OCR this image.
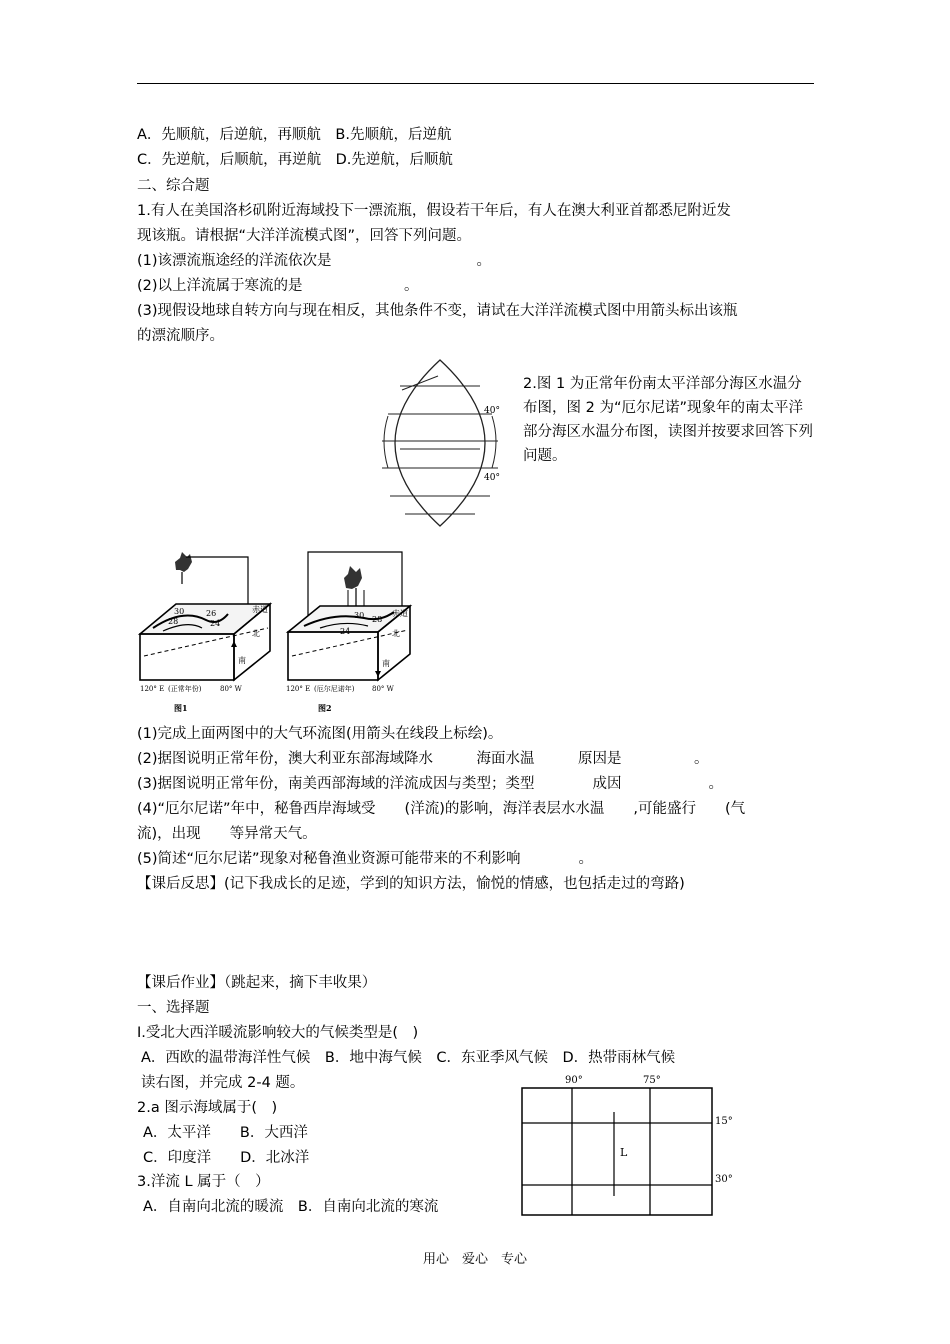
A．先顺航，后逆航，再顺航　B.先顺航，后逆航
C．先逆航，后顺航，再逆航　D.先逆航，后顺航
二、综合题
1.有人在美国洛杉矶附近海域投下一漂流瓶，假设若干年后，有人在澳大利亚首都悉尼附近发
现该瓶。请根据“大洋洋流模式图”，回答下列问题。
(1)该漂流瓶途经的洋流依次是　　　　　　　　　　。
(2)以上洋流属于寒流的是　　　　　　　。
(3)现假设地球自转方向与现在相反，其他条件不变，请试在大洋洋流模式图中用箭头标出该瓶
的漂流顺序。
40°
40°
2.图 1 为正常年份南太平洋部分海区水温分布图，图 2 为“厄尔尼诺”现象年的南太平洋部分海区水温分布图，读图并按要求回答下列问题。
30
28
26
24
赤道
北
南
120° E (正常年份)	80° W
图1
30 28
24
赤道
北
南
120° E (厄尔尼诺年)	80° W
图2
(1)完成上面两图中的大气环流图(用箭头在线段上标绘)。
(2)据图说明正常年份，澳大利亚东部海域降水　　　海面水温　　　原因是　　　　　。
(3)据图说明正常年份，南美西部海域的洋流成因与类型；类型　　　　成因　　　　　　。
(4)“厄尔尼诺”年中，秘鲁西岸海域受　　(洋流)的影响，海洋表层水水温　　,可能盛行　　(气
流)，出现　　等异常天气。
(5)简述“厄尔尼诺”现象对秘鲁渔业资源可能带来的不利影响　　　　。
【课后反思】(记下我成长的足迹，学到的知识方法，愉悦的情感，也包括走过的弯路)
【课后作业】（跳起来，摘下丰收果）
一、选择题
I.受北大西洋暖流影响较大的气候类型是(　)
A．西欧的温带海洋性气候　B．地中海气候　C．东亚季风气候　D．热带雨林气候
读右图，并完成 2-4 题。
2.a 图示海域属于(　)
A．太平洋　　B．大西洋
C．印度洋　　D．北冰洋
3.洋流 L 属于（　）
A．自南向北流的暖流　B．自南向北流的寒流
90°	75°
15°
30°
L
用心　爱心　专心
